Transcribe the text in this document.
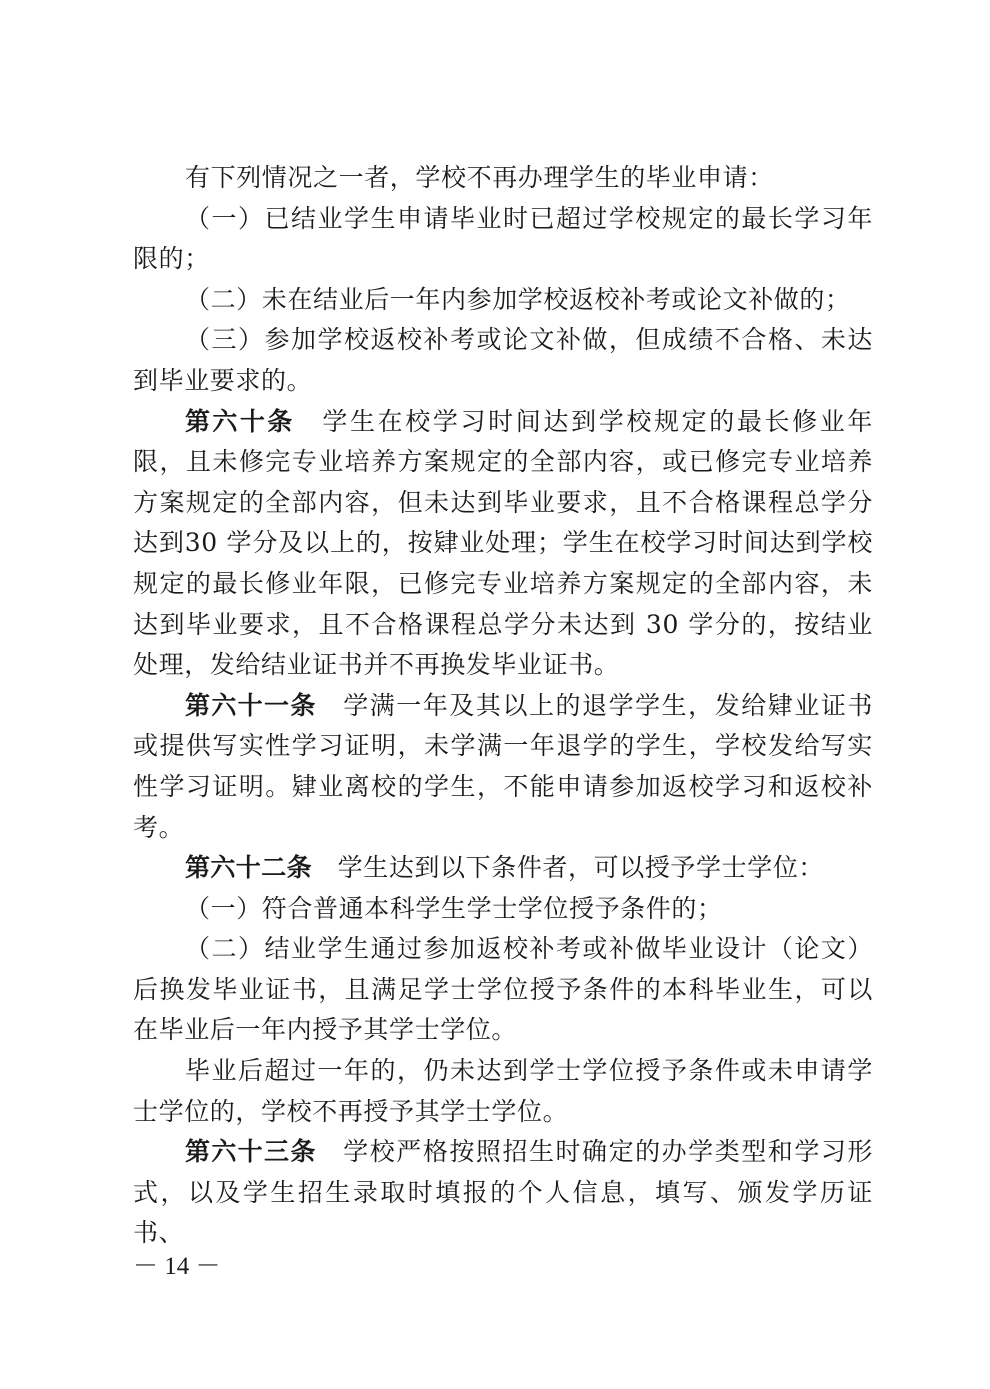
有下列情况之一者，学校不再办理学生的毕业申请：

（一）已结业学生申请毕业时已超过学校规定的最长学习年限的；

（二）未在结业后一年内参加学校返校补考或论文补做的；

（三）参加学校返校补考或论文补做，但成绩不合格、未达到毕业要求的。

第六十条　 学生在校学习时间达到学校规定的最长修业年限，且未修完专业培养方案规定的全部内容，或已修完专业培养方案规定的全部内容，但未达到毕业要求，且不合格课程总学分达到30 学分及以上的，按肄业处理；学生在校学习时间达到学校规定的最长修业年限，已修完专业培养方案规定的全部内容，未达到毕业要求，且不合格课程总学分未达到 30 学分的，按结业处理，发给结业证书并不再换发毕业证书。

第六十一条　 学满一年及其以上的退学学生，发给肄业证书或提供写实性学习证明，未学满一年退学的学生，学校发给写实性学习证明。肄业离校的学生，不能申请参加返校学习和返校补考。

第六十二条　 学生达到以下条件者，可以授予学士学位：

（一）符合普通本科学生学士学位授予条件的；

（二）结业学生通过参加返校补考或补做毕业设计（论文）后换发毕业证书，且满足学士学位授予条件的本科毕业生，可以在毕业后一年内授予其学士学位。

毕业后超过一年的，仍未达到学士学位授予条件或未申请学士学位的，学校不再授予其学士学位。

第六十三条　 学校严格按照招生时确定的办学类型和学习形式，以及学生招生录取时填报的个人信息，填写、颁发学历证书、

－ 14 －
